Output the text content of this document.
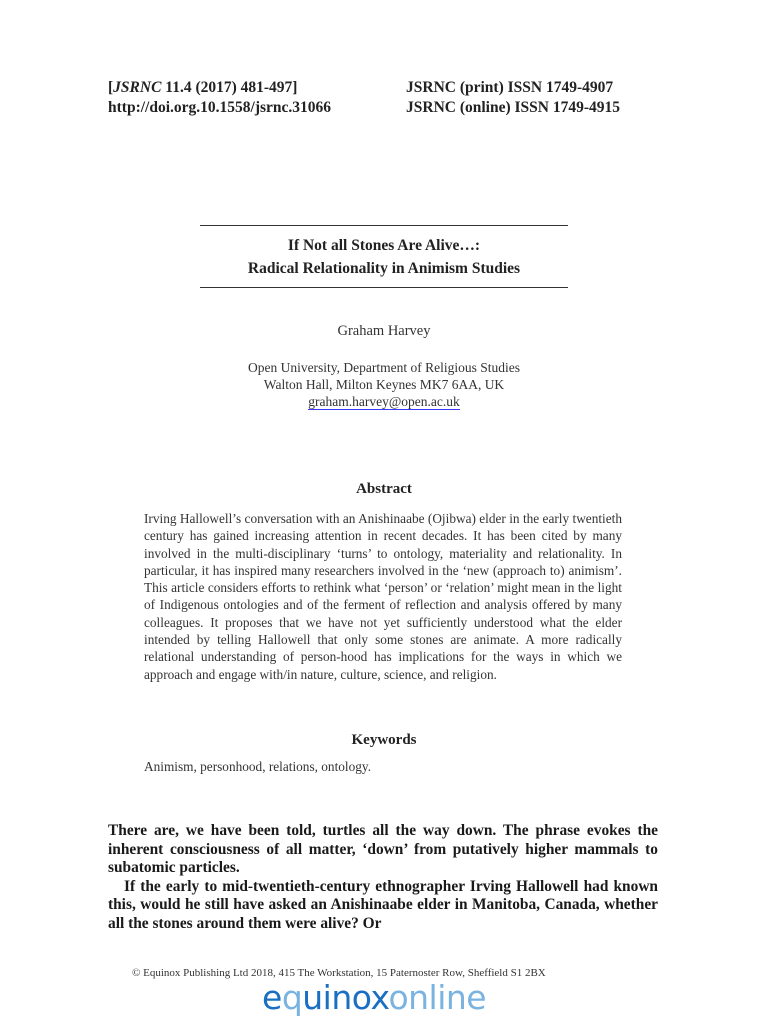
[JSRNC 11.4 (2017) 481-497]
http://doi.org.10.1558/jsrnc.31066
JSRNC (print) ISSN 1749-4907
JSRNC (online) ISSN 1749-4915
If Not all Stones Are Alive…:
Radical Relationality in Animism Studies
Graham Harvey
Open University, Department of Religious Studies
Walton Hall, Milton Keynes MK7 6AA, UK
graham.harvey@open.ac.uk
Abstract
Irving Hallowell’s conversation with an Anishinaabe (Ojibwa) elder in the early twentieth century has gained increasing attention in recent decades. It has been cited by many involved in the multi-disciplinary ‘turns’ to ontology, materiality and relationality. In particular, it has inspired many researchers involved in the ‘new (approach to) animism’. This article considers efforts to rethink what ‘person’ or ‘relation’ might mean in the light of Indigenous ontologies and of the ferment of reflection and analysis offered by many colleagues. It proposes that we have not yet sufficiently understood what the elder intended by telling Hallowell that only some stones are animate. A more radically relational understanding of person-hood has implications for the ways in which we approach and engage with/in nature, culture, science, and religion.
Keywords
Animism, personhood, relations, ontology.

There are, we have been told, turtles all the way down. The phrase evokes the inherent consciousness of all matter, ‘down’ from putatively higher mammals to subatomic particles.

If the early to mid-twentieth-century ethnographer Irving Hallowell had known this, would he still have asked an Anishinaabe elder in Manitoba, Canada, whether all the stones around them were alive? Or

© Equinox Publishing Ltd 2018, 415 The Workstation, 15 Paternoster Row, Sheffield S1 2BX
equinoxonline
